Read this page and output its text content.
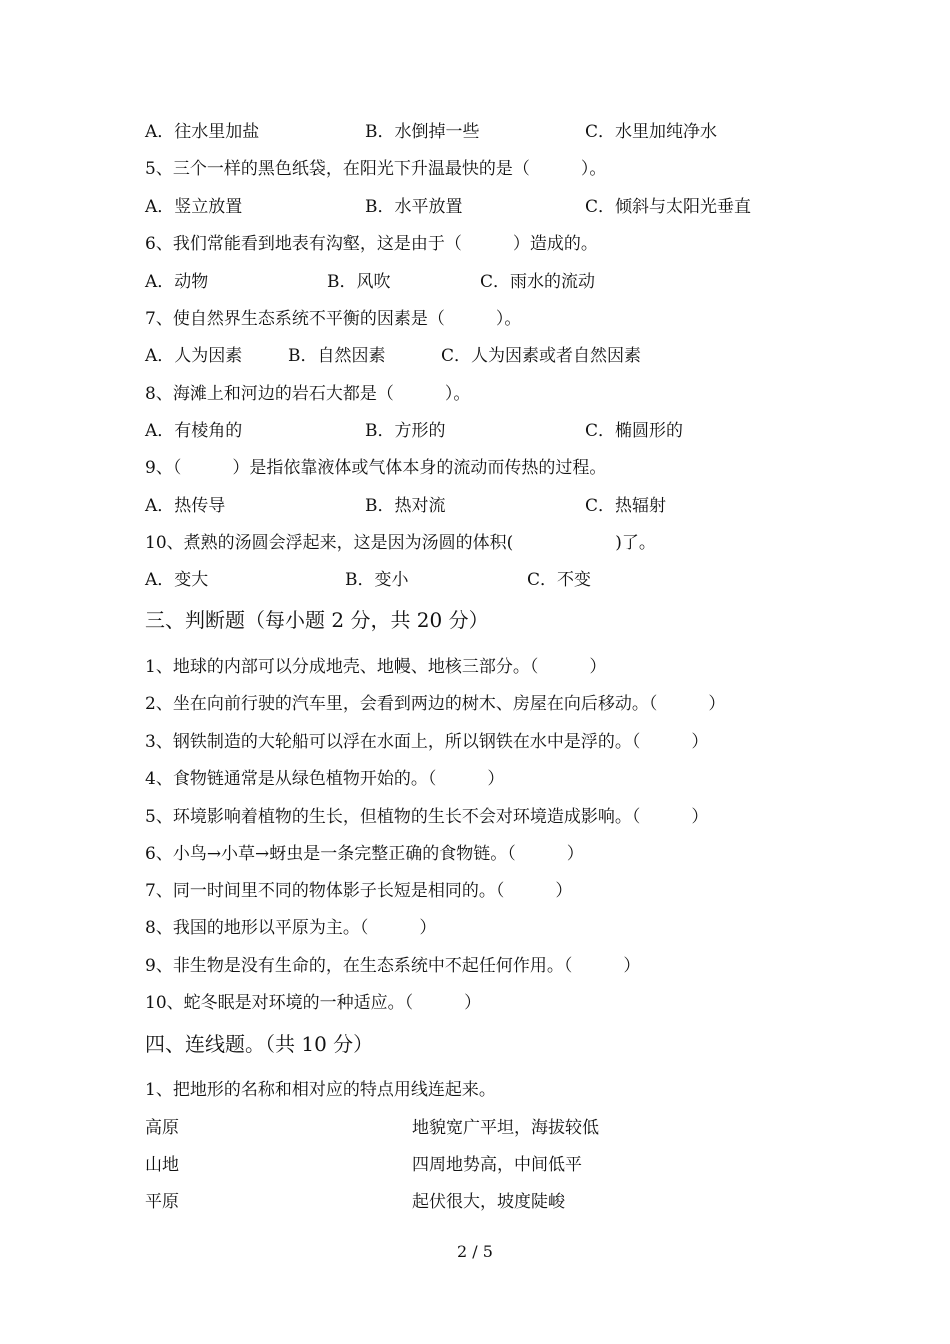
A．往水里加盐	B．水倒掉一些	C．水里加纯净水
5、三个一样的黑色纸袋，在阳光下升温最快的是（　　　）。
A．竖立放置	B．水平放置	C．倾斜与太阳光垂直
6、我们常能看到地表有沟壑，这是由于（　　　）造成的。
A．动物	B．风吹	C．雨水的流动
7、使自然界生态系统不平衡的因素是（　　　）。
A．人为因素	B．自然因素	C．人为因素或者自然因素
8、海滩上和河边的岩石大都是（　　　）。
A．有棱角的	B．方形的	C．椭圆形的
9、（　　　）是指依靠液体或气体本身的流动而传热的过程。
A．热传导	B．热对流	C．热辐射
10、煮熟的汤圆会浮起来，这是因为汤圆的体积(　　　　　　)了。
A．变大	B．变小	C．不变
三、判断题（每小题 2 分，共 20 分）
1、地球的内部可以分成地壳、地幔、地核三部分。（　　　）
2、坐在向前行驶的汽车里，会看到两边的树木、房屋在向后移动。（　　　）
3、钢铁制造的大轮船可以浮在水面上，所以钢铁在水中是浮的。（　　　）
4、食物链通常是从绿色植物开始的。（　　　）
5、环境影响着植物的生长，但植物的生长不会对环境造成影响。（　　　）
6、小鸟→小草→蚜虫是一条完整正确的食物链。（　　　）
7、同一时间里不同的物体影子长短是相同的。（　　　）
8、我国的地形以平原为主。（　　　）
9、非生物是没有生命的，在生态系统中不起任何作用。（　　　）
10、蛇冬眠是对环境的一种适应。（　　　）
四、连线题。（共 10 分）
1、把地形的名称和相对应的特点用线连起来。
高原	地貌宽广平坦，海拔较低
山地	四周地势高，中间低平
平原	起伏很大，坡度陡峻
2 / 5
